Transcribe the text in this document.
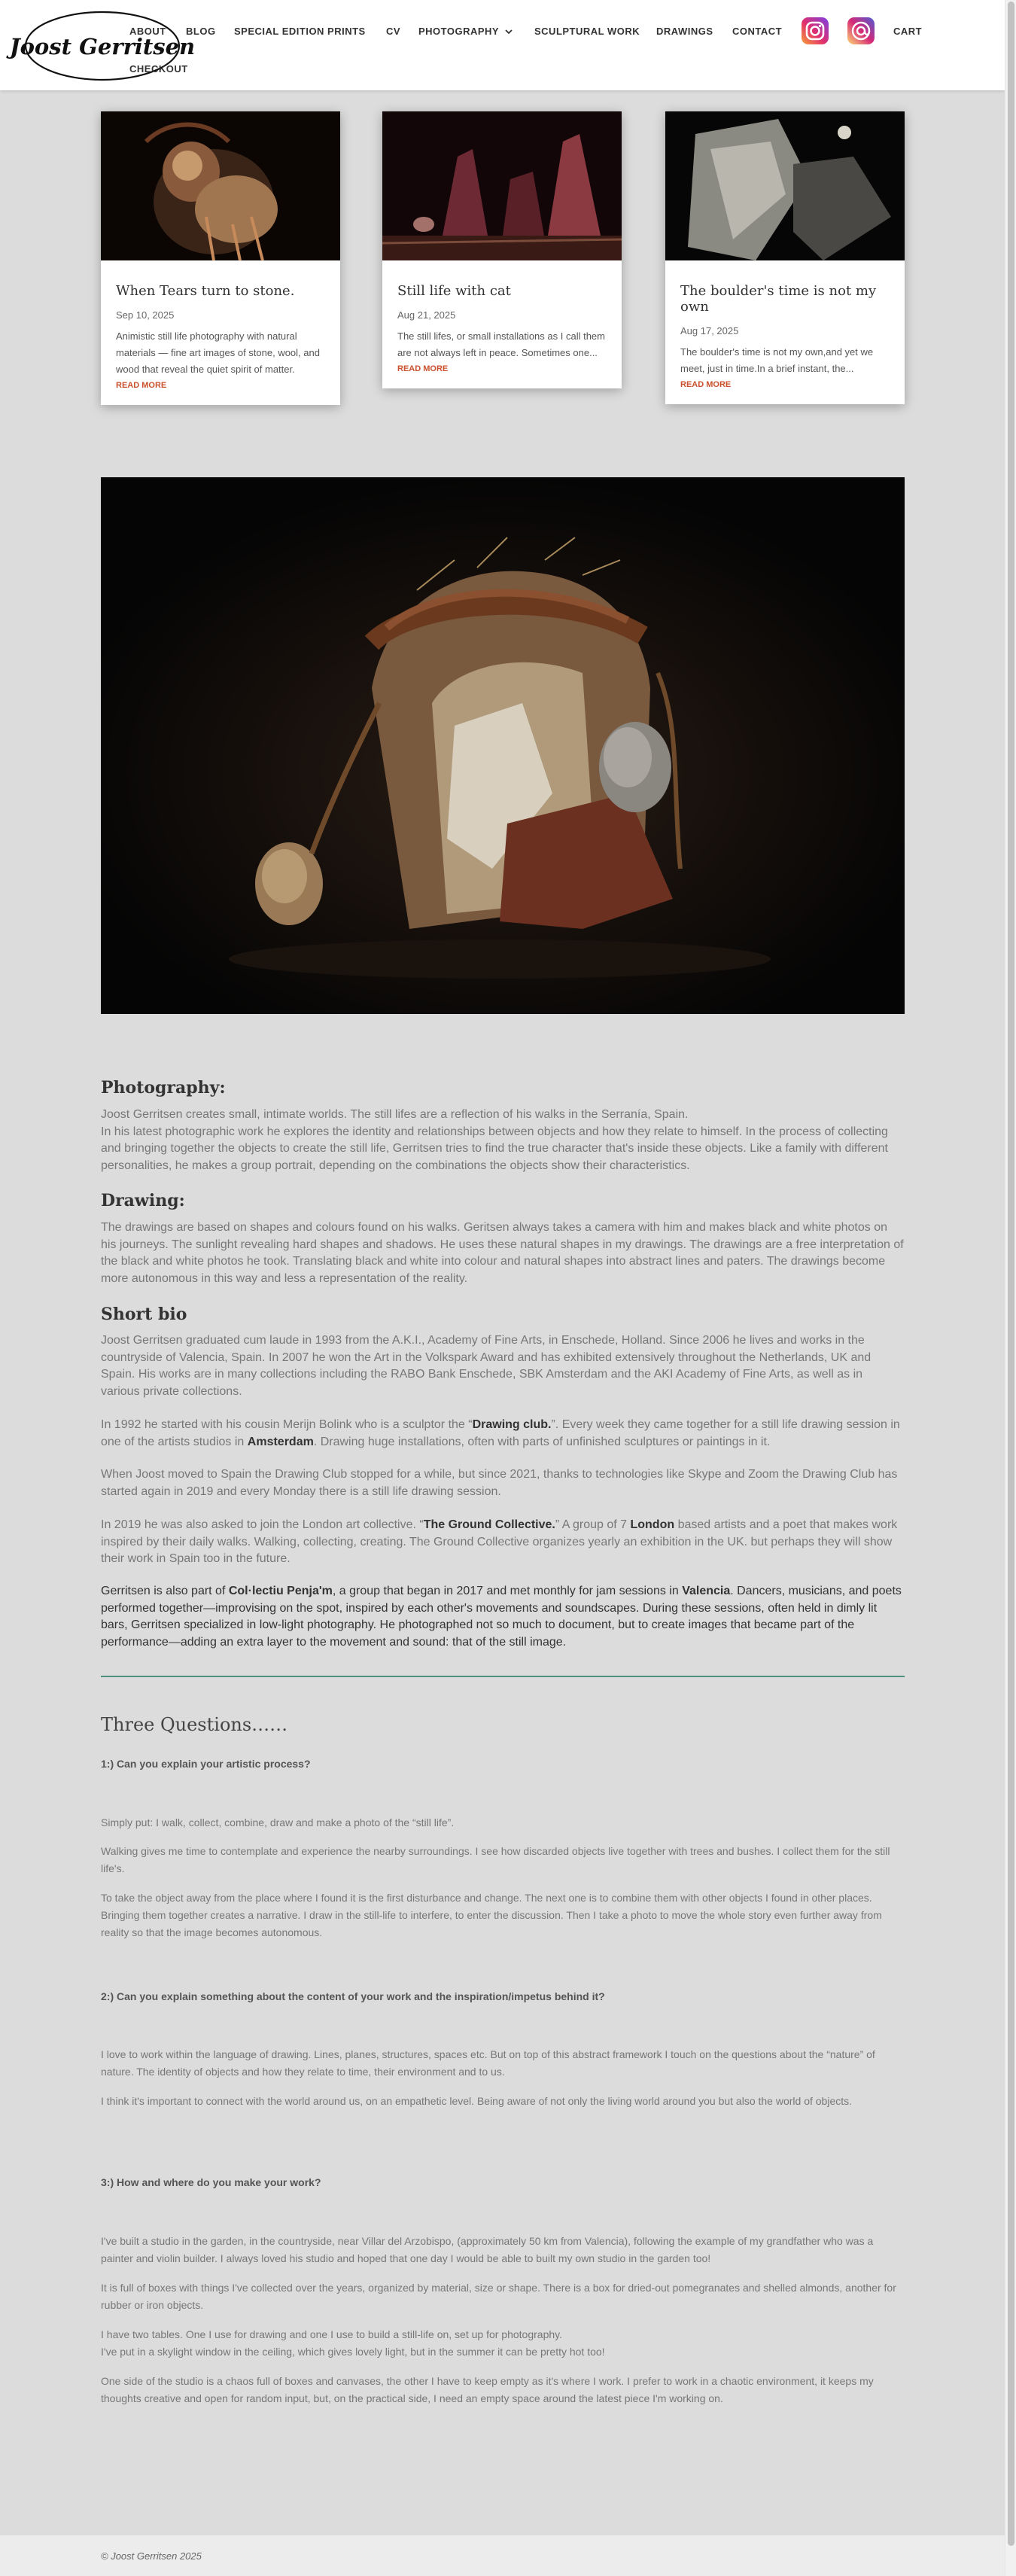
Joost Gerritsen
ABOUT BLOG SPECIAL EDITION PRINTS CV PHOTOGRAPHY	SCULPTURAL WORK DRAWINGS CONTACT	CART
CHECKOUT
When Tears turn to stone.
Sep 10, 2025
Animistic still life photography with natural materials — fine art images of stone, wool, and wood that reveal the quiet spirit of matter.
READ MORE
Still life with cat
Aug 21, 2025
The still lifes, or small installations as I call them are not always left in peace. Sometimes one...
READ MORE
The boulder's time is not my own
Aug 17, 2025
The boulder's time is not my own,and yet we meet, just in time.In a brief instant, the...
READ MORE
Photography:
Joost Gerritsen creates small, intimate worlds. The still lifes are a reflection of his walks in the Serranía, Spain.
In his latest photographic work he explores the identity and relationships between objects and how they relate to himself. In the process of collecting and bringing together the objects to create the still life, Gerritsen tries to find the true character that's inside these objects. Like a family with different personalities, he makes a group portrait, depending on the combinations the objects show their characteristics.
Drawing:
The drawings are based on shapes and colours found on his walks. Geritsen always takes a camera with him and makes black and white photos on his journeys. The sunlight revealing hard shapes and shadows. He uses these natural shapes in my drawings. The drawings are a free interpretation of the black and white photos he took. Translating black and white into colour and natural shapes into abstract lines and paters. The drawings become more autonomous in this way and less a representation of the reality.
Short bio
Joost Gerritsen graduated cum laude in 1993 from the A.K.I., Academy of Fine Arts, in Enschede, Holland. Since 2006 he lives and works in the countryside of Valencia, Spain. In 2007 he won the Art in the Volkspark Award and has exhibited extensively throughout the Netherlands, UK and Spain. His works are in many collections including the RABO Bank Enschede, SBK Amsterdam and the AKI Academy of Fine Arts, as well as in various private collections.
In 1992 he started with his cousin Merijn Bolink who is a sculptor the “Drawing club.”. Every week they came together for a still life drawing session in one of the artists studios in Amsterdam. Drawing huge installations, often with parts of unfinished sculptures or paintings in it.
When Joost moved to Spain the Drawing Club stopped for a while, but since 2021, thanks to technologies like Skype and Zoom the Drawing Club has started again in 2019 and every Monday there is a still life drawing session.
In 2019 he was also asked to join the London art collective. “The Ground Collective.” A group of 7 London based artists and a poet that makes work inspired by their daily walks. Walking, collecting, creating. The Ground Collective organizes yearly an exhibition in the UK. but perhaps they will show their work in Spain too in the future.
Gerritsen is also part of Col·lectiu Penja'm, a group that began in 2017 and met monthly for jam sessions in Valencia. Dancers, musicians, and poets performed together—improvising on the spot, inspired by each other's movements and soundscapes. During these sessions, often held in dimly lit bars, Gerritsen specialized in low-light photography. He photographed not so much to document, but to create images that became part of the performance—adding an extra layer to the movement and sound: that of the still image.
Three Questions……
1:) Can you explain your artistic process?
Simply put: I walk, collect, combine, draw and make a photo of the “still life”.
Walking gives me time to contemplate and experience the nearby surroundings. I see how discarded objects live together with trees and bushes. I collect them for the still life's.
To take the object away from the place where I found it is the first disturbance and change. The next one is to combine them with other objects I found in other places. Bringing them together creates a narrative. I draw in the still-life to interfere, to enter the discussion. Then I take a photo to move the whole story even further away from reality so that the image becomes autonomous.
2:) Can you explain something about the content of your work and the inspiration/impetus behind it?
I love to work within the language of drawing. Lines, planes, structures, spaces etc. But on top of this abstract framework I touch on the questions about the “nature” of nature. The identity of objects and how they relate to time, their environment and to us.
I think it's important to connect with the world around us, on an empathetic level. Being aware of not only the living world around you but also the world of objects.
3:) How and where do you make your work?
I've built a studio in the garden, in the countryside, near Villar del Arzobispo, (approximately 50 km from Valencia), following the example of my grandfather who was a painter and violin builder. I always loved his studio and hoped that one day I would be able to built my own studio in the garden too!
It is full of boxes with things I've collected over the years, organized by material, size or shape. There is a box for dried-out pomegranates and shelled almonds, another for rubber or iron objects.
I have two tables. One I use for drawing and one I use to build a still-life on, set up for photography.
I've put in a skylight window in the ceiling, which gives lovely light, but in the summer it can be pretty hot too!
One side of the studio is a chaos full of boxes and canvases, the other I have to keep empty as it's where I work. I prefer to work in a chaotic environment, it keeps my thoughts creative and open for random input, but, on the practical side, I need an empty space around the latest piece I'm working on.
© Joost Gerritsen 2025
